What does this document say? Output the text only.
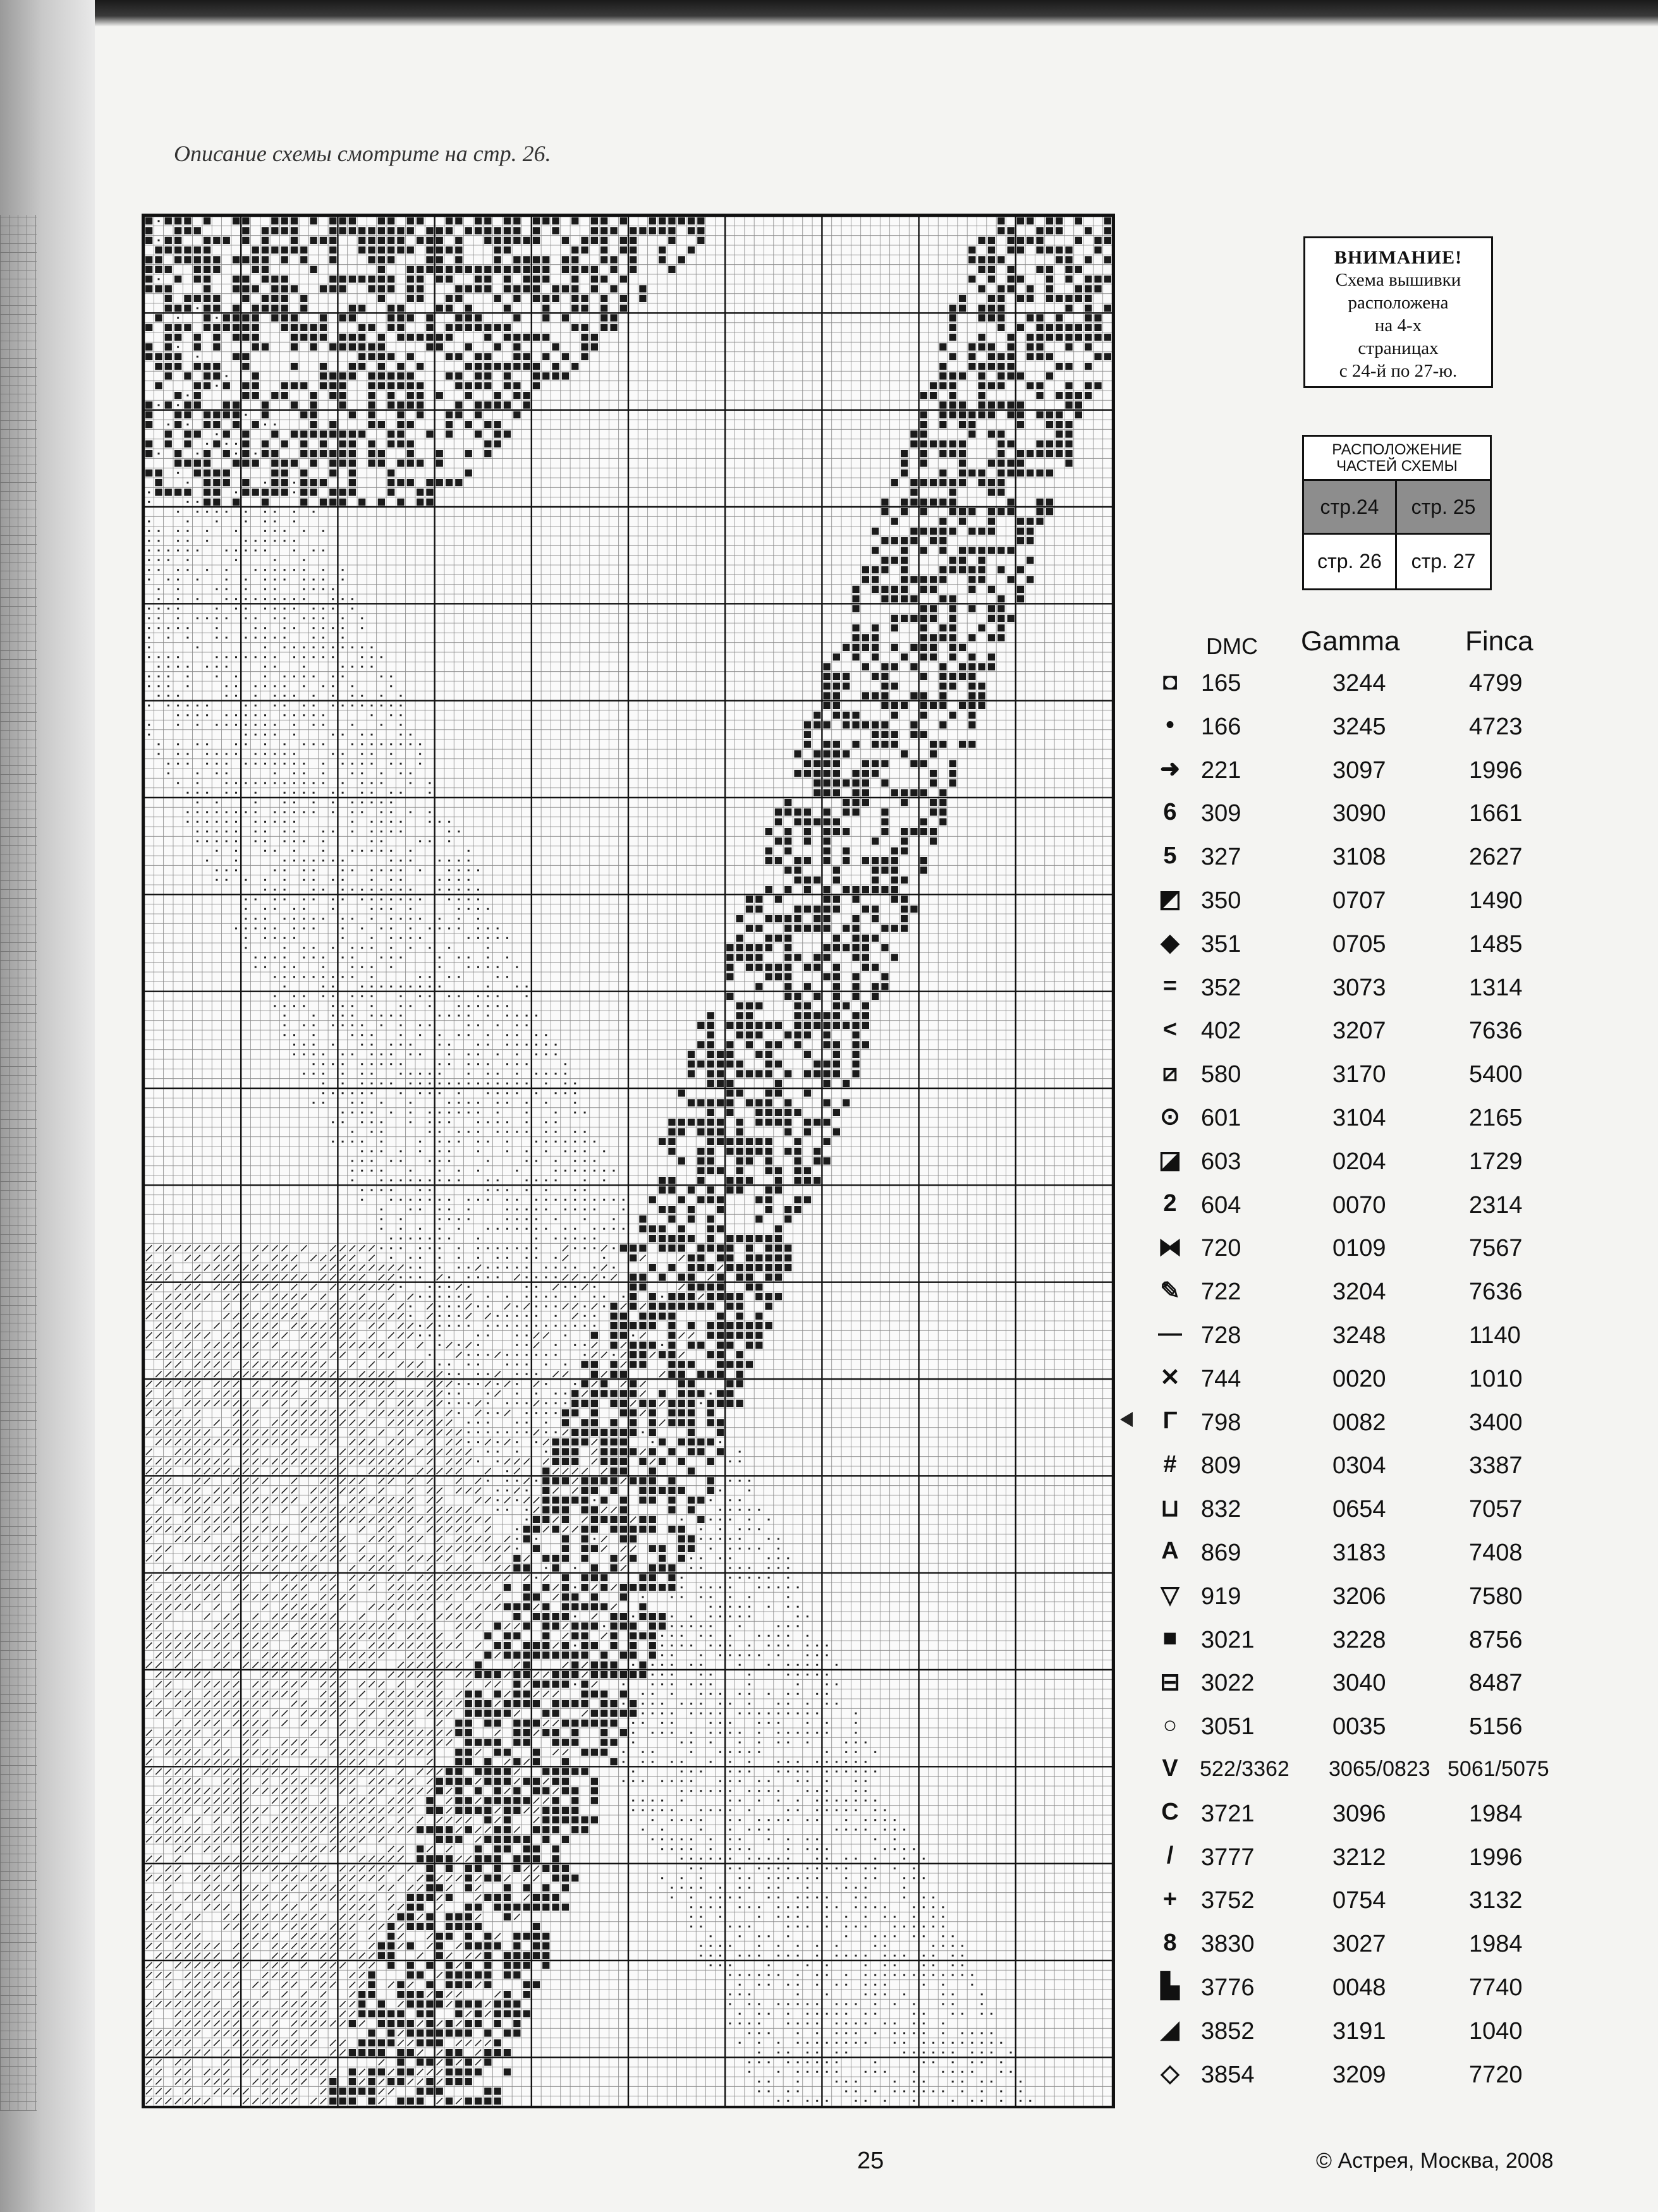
Описание схемы смотрите на стр. 26.
ВНИМАНИЕ!
Схема вышивки
расположена
на 4-х
страницах
с 24-й по 27-ю.
РАСПОЛОЖЕНИЕ
ЧАСТЕЙ СХЕМЫ
стр.24	стр. 25
стр. 26	стр. 27
DMC Gamma Finca
◘ 165	3244	4799
•	166	3245	4723
➜ 221	3097	1996
6 309	3090	1661
5 327	3108	2627
◩ 350	0707	1490
◆ 351	0705	1485
= 352	3073	1314
< 402	3207	7636
⧄ 580	3170	5400
⊙ 601	3104	2165
◪ 603	0204	1729
2 604	0070	2314
⧓ 720	0109	7567
✎ 722	3204	7636
— 728	3248	1140
✕ 744	0020	1010
Γ 798	0082	3400
# 809	0304	3387
⊔ 832	0654	7057
A 869	3183	7408
▽ 919	3206	7580
■ 3021	3228	8756
⊟ 3022	3040	8487
○ 3051	0035	5156
V 522/3362 3065/0823 5061/5075
C 3721	3096	1984
/	3777	3212	1996
+ 3752	0754	3132
8 3830	3027	1984
▙ 3776	0048	7740
◢ 3852	3191	1040
◇ 3854	3209	7720
25	© Астрея, Москва, 2008
